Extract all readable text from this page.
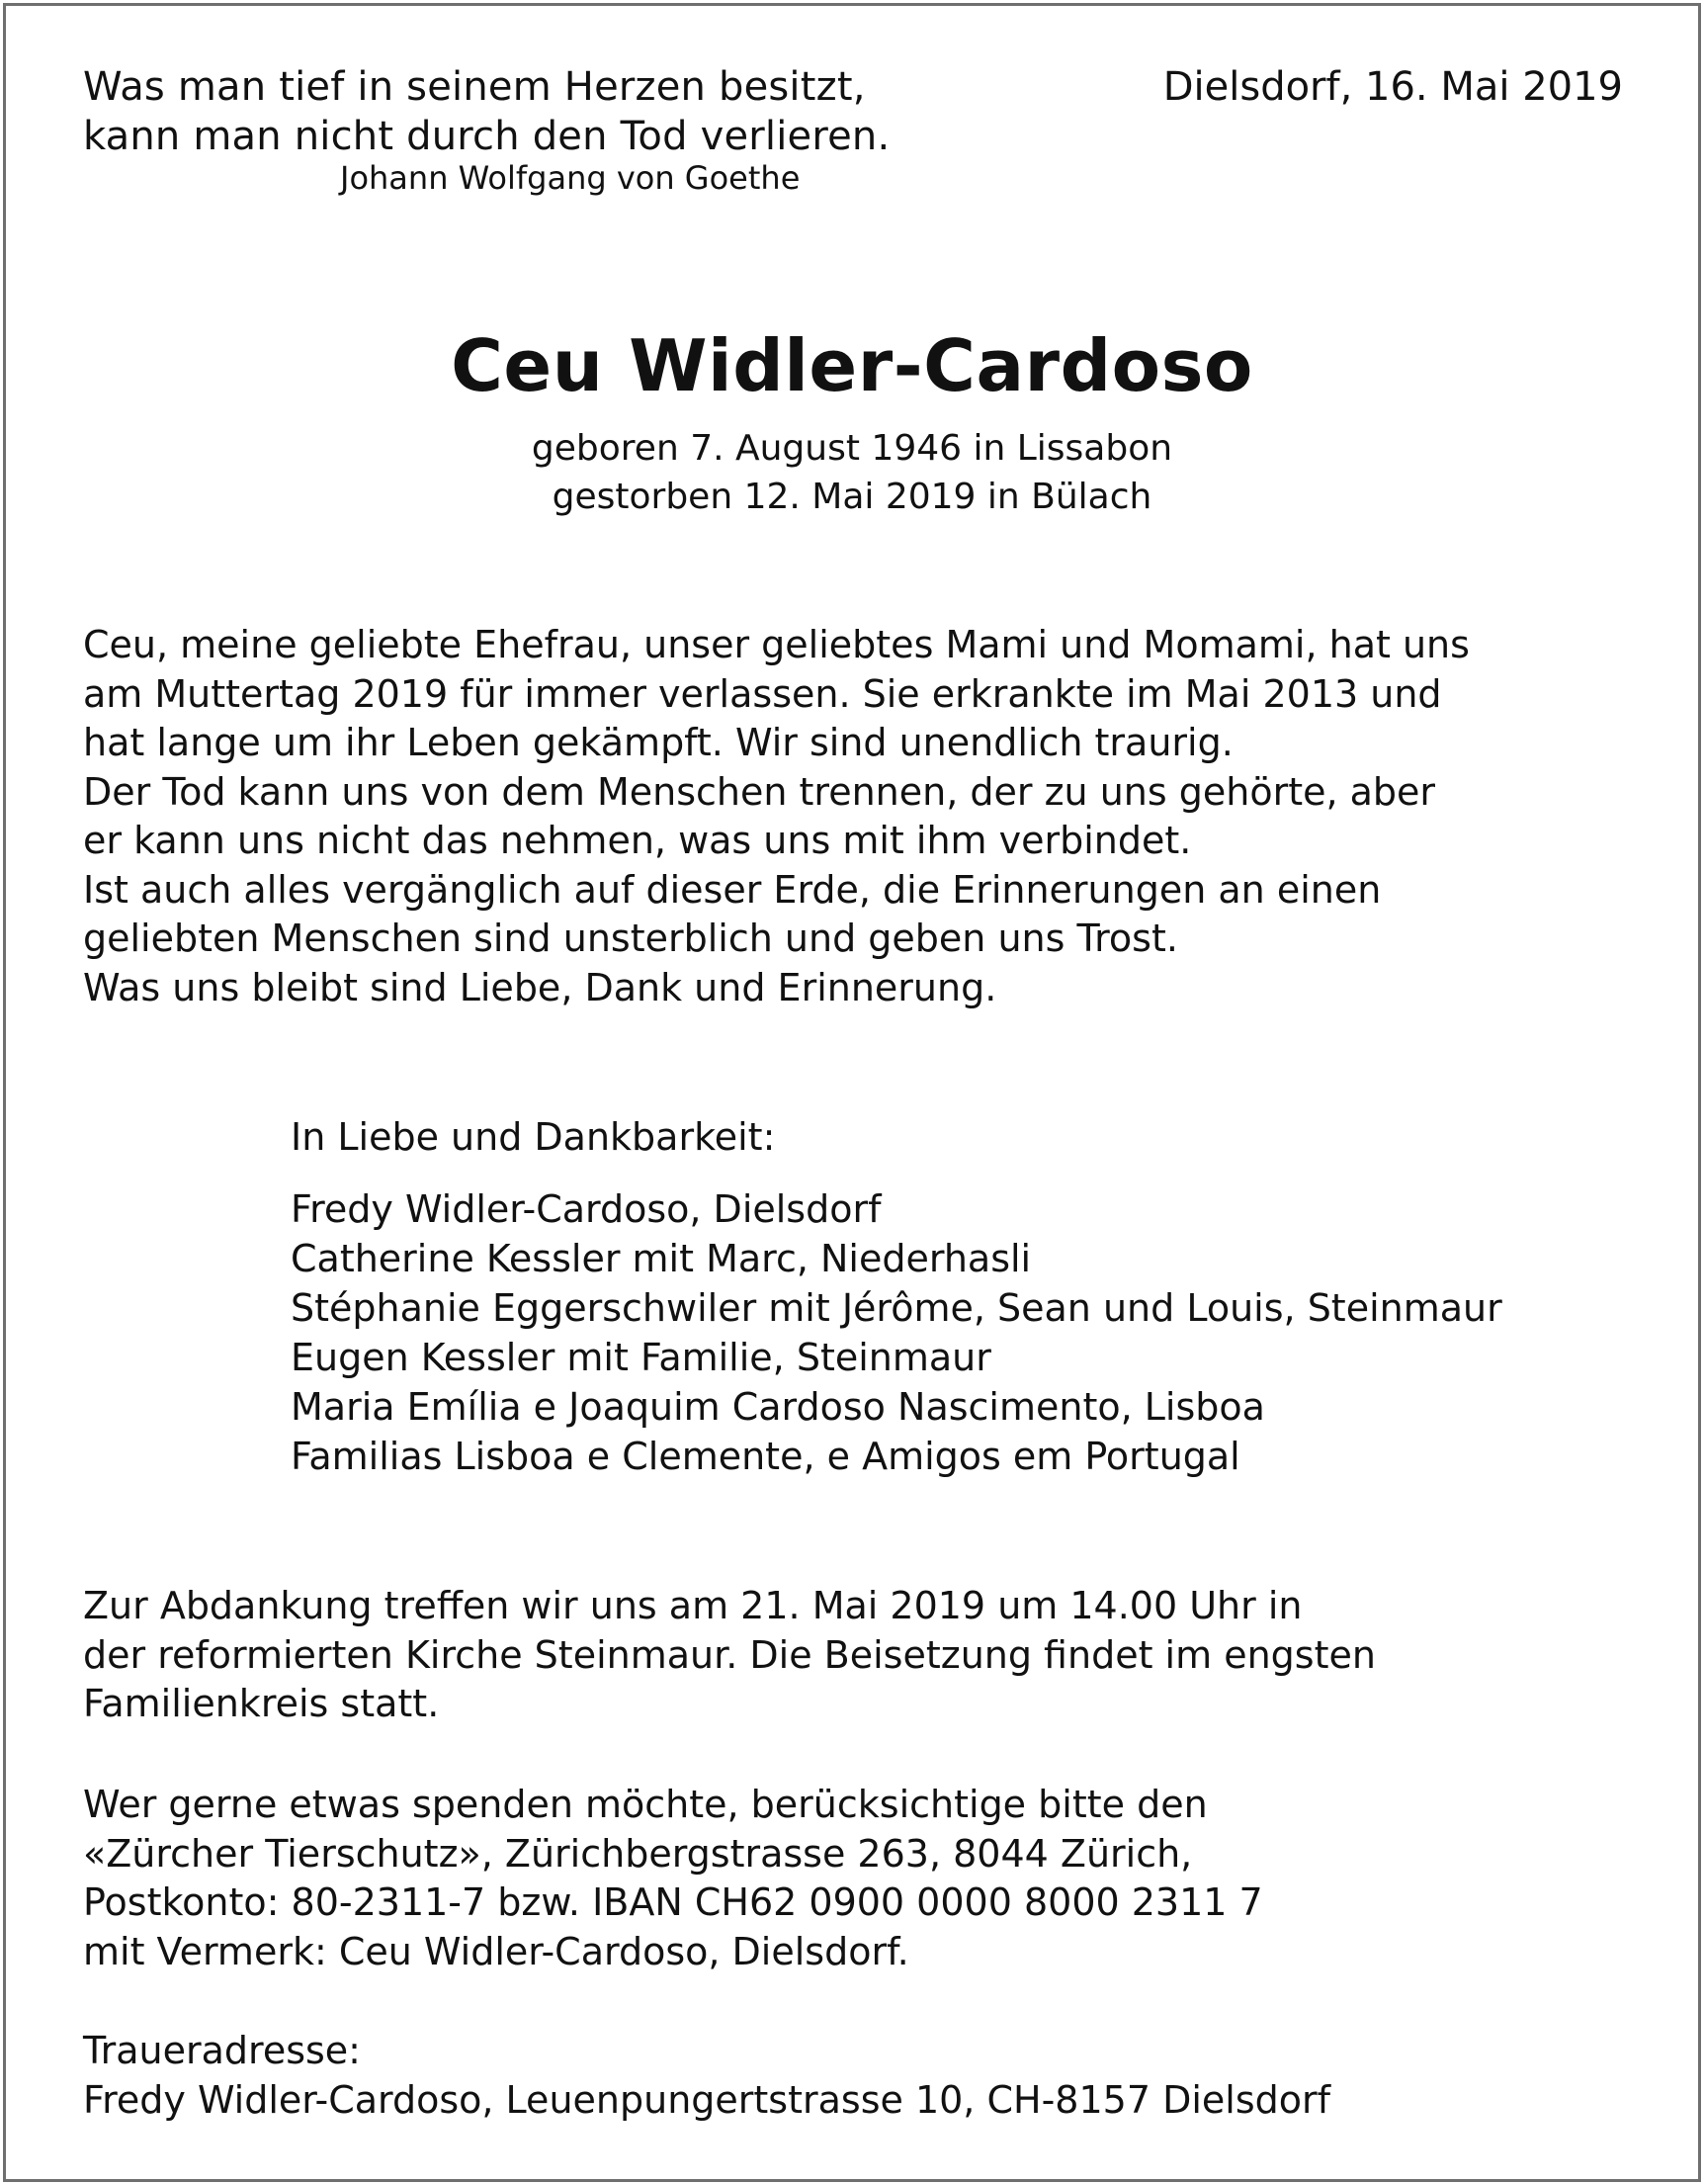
Was man tief in seinem Herzen besitzt,
kann man nicht durch den Tod verlieren.
Johann Wolfgang von Goethe
Dielsdorf, 16. Mai 2019
Ceu Widler-Cardoso
geboren 7. August 1946 in Lissabon
gestorben 12. Mai 2019 in Bülach
Ceu, meine geliebte Ehefrau, unser geliebtes Mami und Momami, hat uns
am Muttertag 2019 für immer verlassen. Sie erkrankte im Mai 2013 und
hat lange um ihr Leben gekämpft. Wir sind unendlich traurig.
Der Tod kann uns von dem Menschen trennen, der zu uns gehörte, aber
er kann uns nicht das nehmen, was uns mit ihm verbindet.
Ist auch alles vergänglich auf dieser Erde, die Erinnerungen an einen
geliebten Menschen sind unsterblich und geben uns Trost.
Was uns bleibt sind Liebe, Dank und Erinnerung.
In Liebe und Dankbarkeit:
Fredy Widler-Cardoso, Dielsdorf
Catherine Kessler mit Marc, Niederhasli
Stéphanie Eggerschwiler mit Jérôme, Sean und Louis, Steinmaur
Eugen Kessler mit Familie, Steinmaur
Maria Emília e Joaquim Cardoso Nascimento, Lisboa
Familias Lisboa e Clemente, e Amigos em Portugal
Zur Abdankung treffen wir uns am 21. Mai 2019 um 14.00 Uhr in
der reformierten Kirche Steinmaur. Die Beisetzung findet im engsten
Familienkreis statt.
Wer gerne etwas spenden möchte, berücksichtige bitte den
«Zürcher Tierschutz», Zürichbergstrasse 263, 8044 Zürich,
Postkonto: 80-2311-7 bzw. IBAN CH62 0900 0000 8000 2311 7
mit Vermerk: Ceu Widler-Cardoso, Dielsdorf.
Traueradresse:
Fredy Widler-Cardoso, Leuenpungertstrasse 10, CH-8157 Dielsdorf
